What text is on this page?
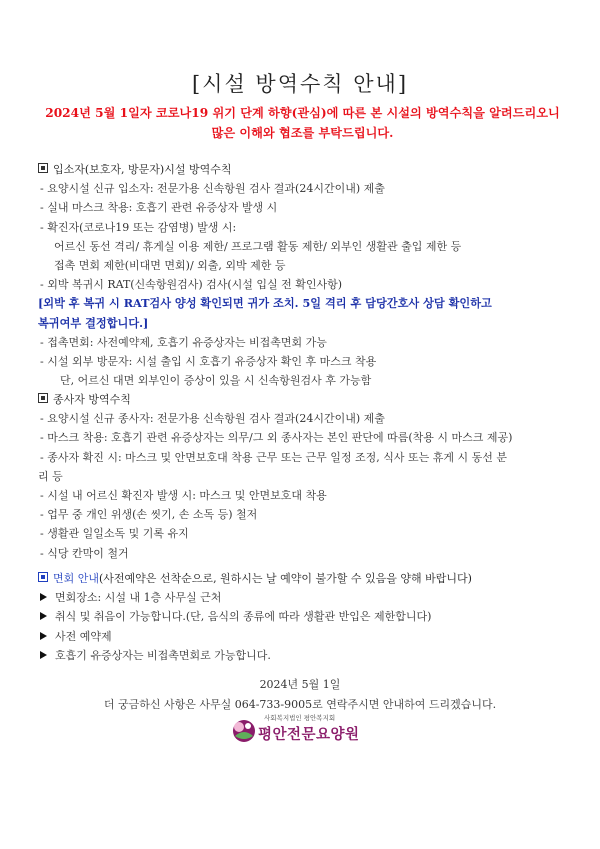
[시설 방역수칙 안내]
2024년 5월 1일자 코로나19 위기 단계 하향(관심)에 따른 본 시설의 방역수칙을 알려드리오니
많은 이해와 협조를 부탁드립니다.
입소자(보호자, 방문자)시설 방역수칙
- 요양시설 신규 입소자: 전문가용 신속항원 검사 결과(24시간이내) 제출
- 실내 마스크 착용: 호흡기 관련 유증상자 발생 시
- 확진자(코로나19 또는 감염병) 발생 시:
어르신 동선 격리/ 휴게실 이용 제한/ 프로그램 활동 제한/ 외부인 생활관 출입 제한 등
접촉 면회 제한(비대면 면회)/ 외출, 외박 제한 등
- 외박 복귀시 RAT(신속항원검사) 검사(시설 입실 전 확인사항)
[외박 후 복귀 시 RAT검사 양성 확인되면 귀가 조치. 5일 격리 후 담당간호사 상담 확인하고
복귀여부 결정합니다.]
- 접촉면회: 사전예약제, 호흡기 유증상자는 비접촉면회 가능
- 시설 외부 방문자: 시설 출입 시 호흡기 유증상자 확인 후 마스크 착용
단, 어르신 대면 외부인이 증상이 있을 시 신속항원검사 후 가능함
종사자 방역수칙
- 요양시설 신규 종사자: 전문가용 신속항원 검사 결과(24시간이내) 제출
- 마스크 착용: 호흡기 관련 유증상자는 의무/그 외 종사자는 본인 판단에 따름(착용 시 마스크 제공)
- 종사자 확진 시: 마스크 및 안면보호대 착용 근무 또는 근무 일정 조정, 식사 또는 휴게 시 동선 분
리 등
- 시설 내 어르신 확진자 발생 시: 마스크 및 안면보호대 착용
- 업무 중 개인 위생(손 씻기, 손 소독 등) 철저
- 생활관 일일소독 및 기록 유지
- 식당 칸막이 철거
면회 안내(사전예약은 선착순으로, 원하시는 날 예약이 불가할 수 있음을 양해 바랍니다)
면회장소: 시설 내 1층 사무실 근처
취식 및 취음이 가능합니다.(단, 음식의 종류에 따라 생활관 반입은 제한합니다)
사전 예약제
호흡기 유증상자는 비접촉면회로 가능합니다.
2024년 5월 1일
더 궁금하신 사항은 사무실 064-733-9005로 연락주시면 안내하여 드리겠습니다.
사회복지법인 평안복지회
평안전문요양원
